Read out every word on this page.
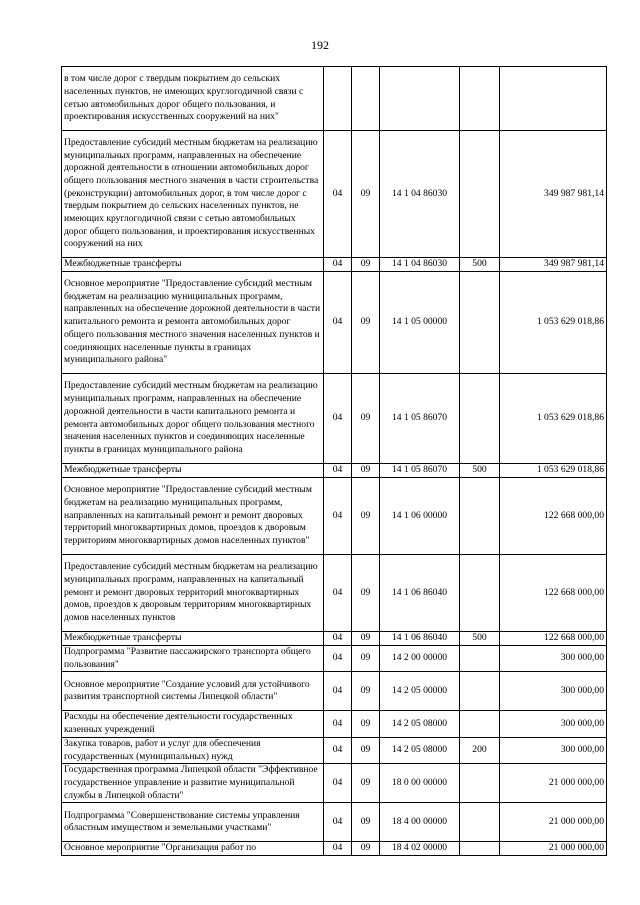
192
в том числе дорог с твердым покрытием до сельских населенных пунктов, не имеющих круглогодичной связи с сетью автомобильных дорог общего пользования, и проектирования искусственных сооружений на них"					
Предоставление субсидий местным бюджетам на реализацию муниципальных программ, направленных на обеспечение дорожной деятельности в отношении автомобильных дорог общего пользования местного значения в части строительства (реконструкции) автомобильных дорог, в том числе дорог с твердым покрытием до сельских населенных пунктов, не имеющих круглогодичной связи с сетью автомобильных дорог общего пользования, и проектирования искусственных сооружений на них	04	09	14 1 04 86030		349 987 981,14
Межбюджетные трансферты	04	09	14 1 04 86030	500	349 987 981,14
Основное мероприятие "Предоставление субсидий местным бюджетам на реализацию муниципальных программ, направленных на обеспечение дорожной деятельности в части капитального ремонта и ремонта автомобильных дорог общего пользования местного значения населенных пунктов и соединяющих населенные пункты в границах муниципального района"	04	09	14 1 05 00000		1 053 629 018,86
Предоставление субсидий местным бюджетам на реализацию муниципальных программ, направленных на обеспечение дорожной деятельности в части капитального ремонта и ремонта автомобильных дорог общего пользования местного значения населенных пунктов и соединяющих населенные пункты в границах муниципального района	04	09	14 1 05 86070		1 053 629 018,86
Межбюджетные трансферты	04	09	14 1 05 86070	500	1 053 629 018,86
Основное мероприятие "Предоставление субсидий местным бюджетам на реализацию муниципальных программ, направленных на капитальный ремонт и ремонт дворовых территорий многоквартирных домов, проездов к дворовым территориям многоквартирных домов населенных пунктов"	04	09	14 1 06 00000		122 668 000,00
Предоставление субсидий местным бюджетам на реализацию муниципальных программ, направленных на капитальный ремонт и ремонт дворовых территорий многоквартирных домов, проездов к дворовым территориям многоквартирных домов населенных пунктов	04	09	14 1 06 86040		122 668 000,00
Межбюджетные трансферты	04	09	14 1 06 86040	500	122 668 000,00
Подпрограмма "Развитие пассажирского транспорта общего пользования"	04	09	14 2 00 00000		300 000,00
Основное мероприятие "Создание условий для устойчивого развития транспортной системы Липецкой области"	04	09	14 2 05 00000		300 000,00
Расходы на обеспечение деятельности государственных казенных учреждений	04	09	14 2 05 08000		300 000,00
Закупка товаров, работ и услуг для обеспечения государственных (муниципальных) нужд	04	09	14 2 05 08000	200	300 000,00
Государственная программа Липецкой области "Эффективное государственное управление и развитие муниципальной службы в Липецкой области"	04	09	18 0 00 00000		21 000 000,00
Подпрограмма "Совершенствование системы управления областным имуществом и земельными участками"	04	09	18 4 00 00000		21 000 000,00
Основное мероприятие "Организация работ по	04	09	18 4 02 00000		21 000 000,00
